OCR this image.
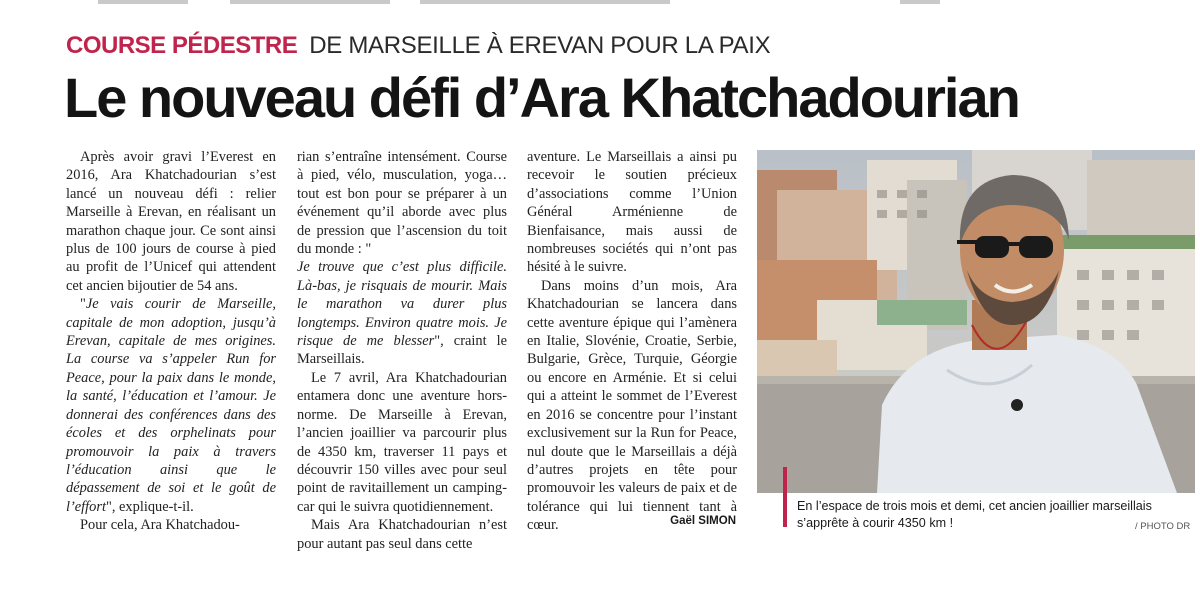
COURSE PÉDESTRE DE MARSEILLE À EREVAN POUR LA PAIX
Le nouveau défi d’Ara Khatchadourian

Après avoir gravi l’Everest en 2016, Ara Khatchadourian s’est lancé un nouveau défi : relier Marseille à Erevan, en réalisant un marathon chaque jour. Ce sont ainsi plus de 100 jours de course à pied au profit de l’Unicef qui attendent cet ancien bijoutier de 54 ans.

"Je vais courir de Marseille, capitale de mon adoption, jusqu’à Erevan, capitale de mes origines. La course va s’appeler Run for Peace, pour la paix dans le monde, la santé, l’éducation et l’amour. Je donnerai des conférences dans des écoles et des orphelinats pour promouvoir la paix à travers l’éducation ainsi que le dépassement de soi et le goût de l’effort", explique-t-il.

Pour cela, Ara Khatchadou-

rian s’entraîne intensément. Course à pied, vélo, musculation, yoga… tout est bon pour se préparer à un événement qu’il aborde avec plus de pression que l’ascension du toit du monde : "

Je trouve que c’est plus difficile. Là-bas, je risquais de mourir. Mais le marathon va durer plus longtemps. Environ quatre mois. Je risque de me blesser", craint le Marseillais.

Le 7 avril, Ara Khatchadourian entamera donc une aventure hors-norme. De Marseille à Erevan, l’ancien joaillier va parcourir plus de 4350 km, traverser 11 pays et découvrir 150 villes avec pour seul point de ravitaillement un camping-car qui le suivra quotidiennement.

Mais Ara Khatchadourian n’est pour autant pas seul dans cette

aventure. Le Marseillais a ainsi pu recevoir le soutien précieux d’associations comme l’Union Général Arménienne de Bienfaisance, mais aussi de nombreuses sociétés qui n’ont pas hésité à le suivre.

Dans moins d’un mois, Ara Khatchadourian se lancera dans cette aventure épique qui l’amènera en Italie, Slovénie, Croatie, Serbie, Bulgarie, Grèce, Turquie, Géorgie ou encore en Arménie. Et si celui qui a atteint le sommet de l’Everest en 2016 se concentre pour l’instant exclusivement sur la Run for Peace, nul doute que le Marseillais a déjà d’autres projets en tête pour promouvoir les valeurs de paix et de tolérance qui lui tiennent tant à cœur.	Gaël SIMON
En l’espace de trois mois et demi, cet ancien joaillier marseillais s’apprête à courir 4350 km !	/ PHOTO DR
